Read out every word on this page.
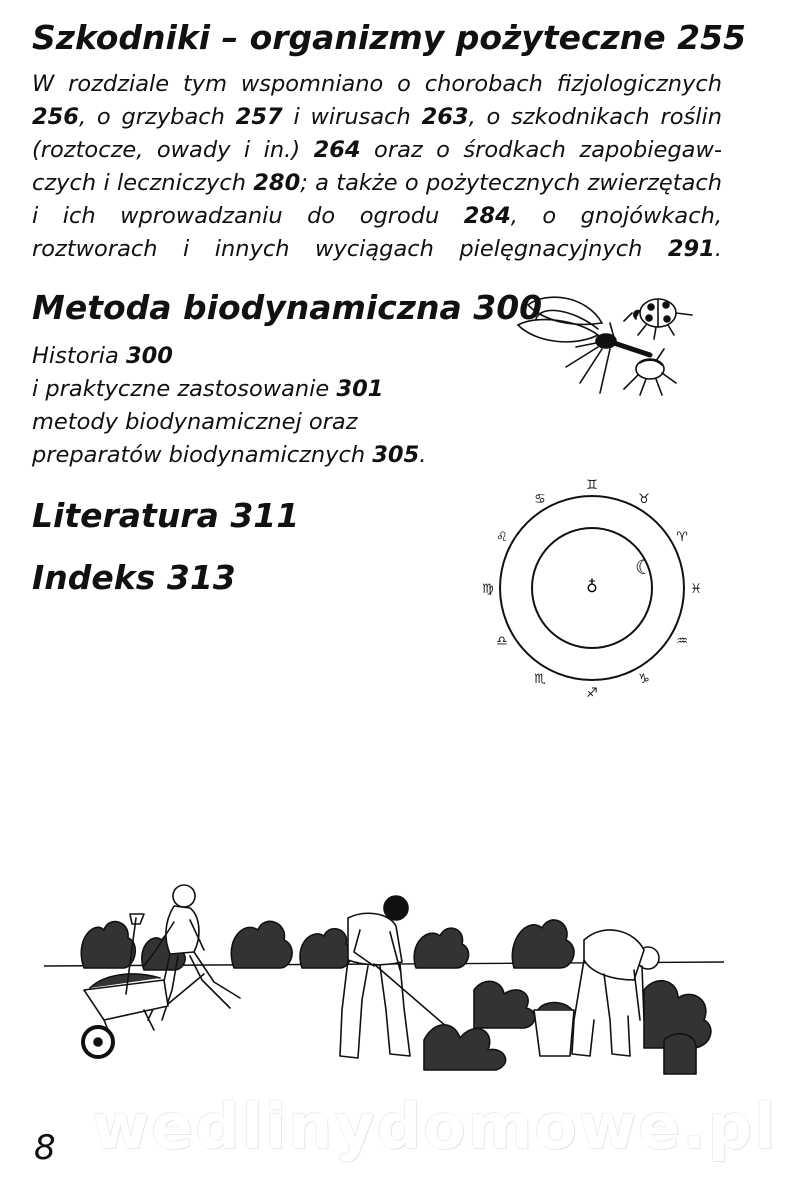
Szkodniki – organizmy pożyteczne 255
W rozdziale tym wspomniano o chorobach fizjologicznych
256, o grzybach 257 i wirusach 263, o szkodnikach roślin
(roztocze, owady i in.) 264 oraz o środkach zapobiegaw-
czych i leczniczych 280; a także o pożytecznych zwierzętach
i ich wprowadzaniu do ogrodu 284, o gnojówkach,
roztworach i innych wyciągach pielęgnacyjnych 291.
Metoda biodynamiczna 300
Historia 300
i praktyczne zastosowanie 301
metody biodynamicznej oraz
preparatów biodynamicznych 305.
Literatura 311
Indeks 313
♊
♉
♈
♓
♒
♑
♐
♏
♎
♍
♌
♋
♁
☾
wedlinydomowe.pl
8
